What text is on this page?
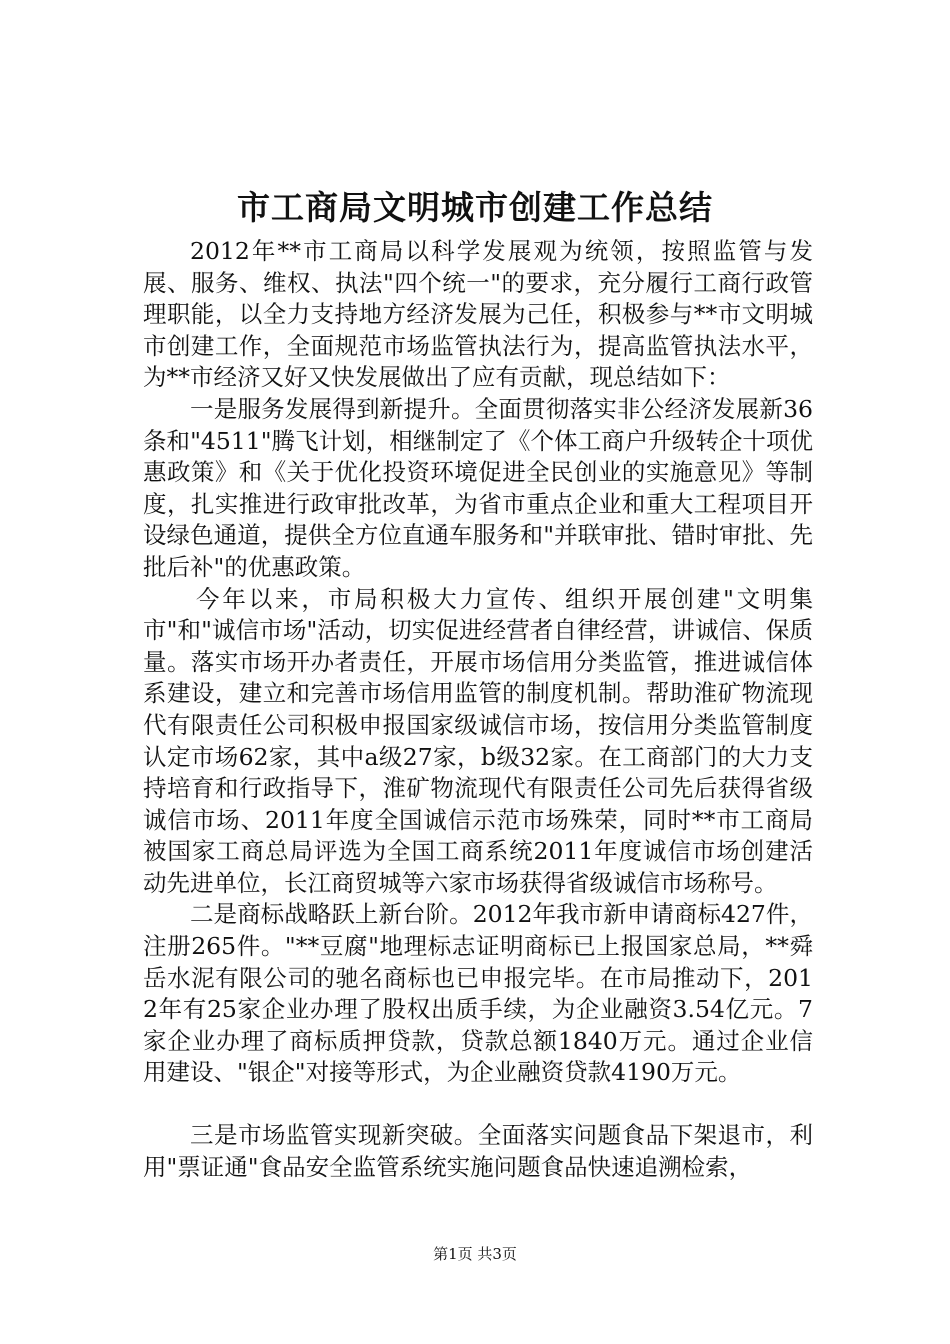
市工商局文明城市创建工作总结

2012年**市工商局以科学发展观为统领，按照监管与发展、服务、维权、执法"四个统一"的要求，充分履行工商行政管理职能，以全力支持地方经济发展为己任，积极参与**市文明城市创建工作，全面规范市场监管执法行为，提高监管执法水平，为**市经济又好又快发展做出了应有贡献，现总结如下：

一是服务发展得到新提升。全面贯彻落实非公经济发展新36条和"4511"腾飞计划，相继制定了《个体工商户升级转企十项优惠政策》和《关于优化投资环境促进全民创业的实施意见》等制度，扎实推进行政审批改革，为省市重点企业和重大工程项目开设绿色通道，提供全方位直通车服务和"并联审批、错时审批、先批后补"的优惠政策。

今年以来，市局积极大力宣传、组织开展创建"文明集市"和"诚信市场"活动，切实促进经营者自律经营，讲诚信、保质量。落实市场开办者责任，开展市场信用分类监管，推进诚信体系建设，建立和完善市场信用监管的制度机制。帮助淮矿物流现代有限责任公司积极申报国家级诚信市场，按信用分类监管制度认定市场62家，其中a级27家，b级32家。在工商部门的大力支持培育和行政指导下，淮矿物流现代有限责任公司先后获得省级诚信市场、2011年度全国诚信示范市场殊荣，同时**市工商局被国家工商总局评选为全国工商系统2011年度诚信市场创建活动先进单位，长江商贸城等六家市场获得省级诚信市场称号。

二是商标战略跃上新台阶。2012年我市新申请商标427件，注册265件。"**豆腐"地理标志证明商标已上报国家总局，**舜岳水泥有限公司的驰名商标也已申报完毕。在市局推动下，2012年有25家企业办理了股权出质手续，为企业融资3.54亿元。7家企业办理了商标质押贷款，贷款总额1840万元。通过企业信用建设、"银企"对接等形式，为企业融资贷款4190万元。

三是市场监管实现新突破。全面落实问题食品下架退市，利用"票证通"食品安全监管系统实施问题食品快速追溯检索，

第1页 共3页
